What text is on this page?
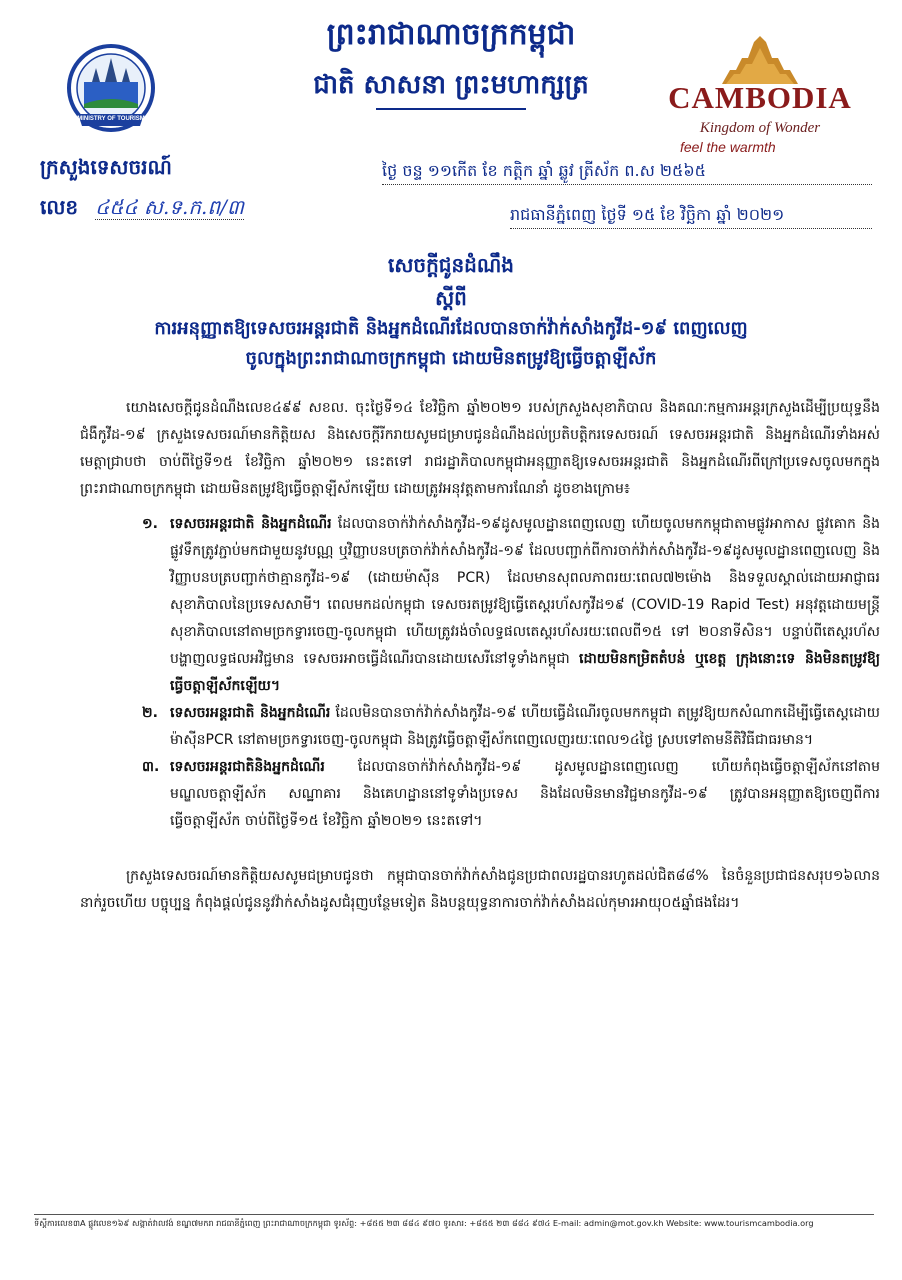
ព្រះរាជាណាចក្រកម្ពុជា
ជាតិ សាសនា ព្រះមហាក្សត្រ
MINISTRY OF TOURISM
CAMBODIA
Kingdom of Wonder
feel the warmth
ក្រសួងទេសចរណ៍
លេខ ៤៥៤ ស.ទ.ក.ព/៣
ថ្ងៃ ចន្ទ ១១កើត ខែ កត្តិក ឆ្នាំ ឆ្លូវ ត្រីស័ក ព.ស ២៥៦៥
រាជធានីភ្នំពេញ ថ្ងៃទី ១៥ ខែ វិច្ឆិកា ឆ្នាំ ២០២១
សេចក្តីជូនដំណឹង
ស្តីពី
ការអនុញ្ញាតឱ្យទេសចរអន្តរជាតិ និងអ្នកដំណើរដែលបានចាក់វ៉ាក់សាំងកូវីដ-១៩ ពេញលេញ
ចូលក្នុងព្រះរាជាណាចក្រកម្ពុជា ដោយមិនតម្រូវឱ្យធ្វើចត្តាឡីស័ក

យោងសេចក្តីជូនដំណឹងលេខ៤៩៩ សខល. ចុះថ្ងៃទី១៤ ខែវិច្ឆិកា ឆ្នាំ២០២១ របស់ក្រសួងសុខាភិបាល និងគណៈកម្មការអន្តរក្រសួងដើម្បីប្រយុទ្ធនឹងជំងឺកូវីដ-១៩ ក្រសួងទេសចរណ៍មានកិត្តិយស និងសេចក្តីរីករាយសូមជម្រាបជូនដំណឹងដល់ប្រតិបត្តិករទេសចរណ៍ ទេសចរអន្តរជាតិ និងអ្នកដំណើរទាំងអស់ មេត្តាជ្រាបថា ចាប់ពីថ្ងៃទី១៥ ខែវិច្ឆិកា ឆ្នាំ២០២១ នេះតទៅ រាជរដ្ឋាភិបាលកម្ពុជាអនុញ្ញាតឱ្យទេសចរអន្តរជាតិ និងអ្នកដំណើរពីក្រៅប្រទេសចូលមកក្នុងព្រះរាជាណាចក្រកម្ពុជា ដោយមិនតម្រូវឱ្យធ្វើចត្តាឡីស័កឡើយ ដោយត្រូវអនុវត្តតាមការណែនាំ ដូចខាងក្រោម៖

១. ទេសចរអន្តរជាតិ និងអ្នកដំណើរ ដែលបានចាក់វ៉ាក់សាំងកូវីដ-១៩ដូសមូលដ្ឋានពេញលេញ ហើយចូលមកកម្ពុជាតាមផ្លូវអាកាស ផ្លូវគោក និងផ្លូវទឹកត្រូវភ្ជាប់មកជាមួយនូវបណ្ណ ឬវិញ្ញាបនបត្រចាក់វ៉ាក់សាំងកូវីដ-១៩ ដែលបញ្ជាក់ពីការចាក់វ៉ាក់សាំងកូវីដ-១៩ដូសមូលដ្ឋានពេញលេញ និងវិញ្ញាបនបត្របញ្ជាក់ថាគ្មានកូវីដ-១៩ (ដោយម៉ាស៊ីន PCR) ដែលមានសុពលភាពរយៈពេល៧២ម៉ោង និងទទួលស្គាល់ដោយអាជ្ញាធរសុខាភិបាលនៃប្រទេសសាមី។ ពេលមកដល់កម្ពុជា ទេសចរតម្រូវឱ្យធ្វើតេស្តរហ័សកូវីដ១៩ (COVID-19 Rapid Test) អនុវត្តដោយមន្ត្រីសុខាភិបាលនៅតាមច្រកទ្វារចេញ-ចូលកម្ពុជា ហើយត្រូវរង់ចាំលទ្ធផលតេស្តរហ័សរយៈពេលពី១៥ ទៅ ២០នាទីសិន។ បន្ទាប់ពីតេស្តរហ័សបង្ហាញលទ្ធផលអវិជ្ជមាន ទេសចរអាចធ្វើដំណើរបានដោយសេរីនៅទូទាំងកម្ពុជា ដោយមិនកម្រិតតំបន់ ឬខេត្ត ក្រុងនោះទេ និងមិនតម្រូវឱ្យធ្វើចត្តាឡីស័កឡើយ។
២. ទេសចរអន្តរជាតិ និងអ្នកដំណើរ ដែលមិនបានចាក់វ៉ាក់សាំងកូវីដ-១៩ ហើយធ្វើដំណើរចូលមកកម្ពុជា តម្រូវឱ្យយកសំណាកដើម្បីធ្វើតេស្តដោយម៉ាស៊ីនPCR នៅតាមច្រកទ្វារចេញ-ចូលកម្ពុជា និងត្រូវធ្វើចត្តាឡីស័កពេញលេញរយៈពេល១៤ថ្ងៃ ស្របទៅតាមនីតិវិធីជាធរមាន។
៣. ទេសចរអន្តរជាតិនិងអ្នកដំណើរ ដែលបានចាក់វ៉ាក់សាំងកូវីដ-១៩ ដូសមូលដ្ឋានពេញលេញ ហើយកំពុងធ្វើចត្តាឡីស័កនៅតាមមណ្ឌលចត្តាឡីស័ក សណ្ឋាគារ និងគេហដ្ឋាននៅទូទាំងប្រទេស និងដែលមិនមានវិជ្ជមានកូវីដ-១៩ ត្រូវបានអនុញ្ញាតឱ្យចេញពីការធ្វើចត្តាឡីស័ក ចាប់ពីថ្ងៃទី១៥ ខែវិច្ឆិកា ឆ្នាំ២០២១ នេះតទៅ។

ក្រសួងទេសចរណ៍មានកិត្តិយសសូមជម្រាបជូនថា កម្ពុជាបានចាក់វ៉ាក់សាំងជូនប្រជាពលរដ្ឋបានរហូតដល់ជិត៨៨% នៃចំនួនប្រជាជនសរុប១៦លាននាក់រួចហើយ បច្ចុប្បន្ន កំពុងផ្តល់ជូននូវវ៉ាក់សាំងដូសជំរុញបន្ថែមទៀត និងបន្តយុទ្ធនាការចាក់វ៉ាក់សាំងដល់កុមារអាយុ០៥ឆ្នាំផងដែរ។

ទីស្តីការលេខ៣A ផ្លូវលេខ១៦៩ សង្កាត់វាលវង់ ខណ្ឌ៧មករា រាជធានីភ្នំពេញ ព្រះរាជាណាចក្រកម្ពុជា ទូរស័ព្ទ: +៨៥៥ ២៣ ៨៨៤ ៩៧០ ទូរសារ: +៨៥៥ ២៣ ៨៨៤ ៩៧៤ E-mail: admin@mot.gov.kh Website: www.tourismcambodia.org
